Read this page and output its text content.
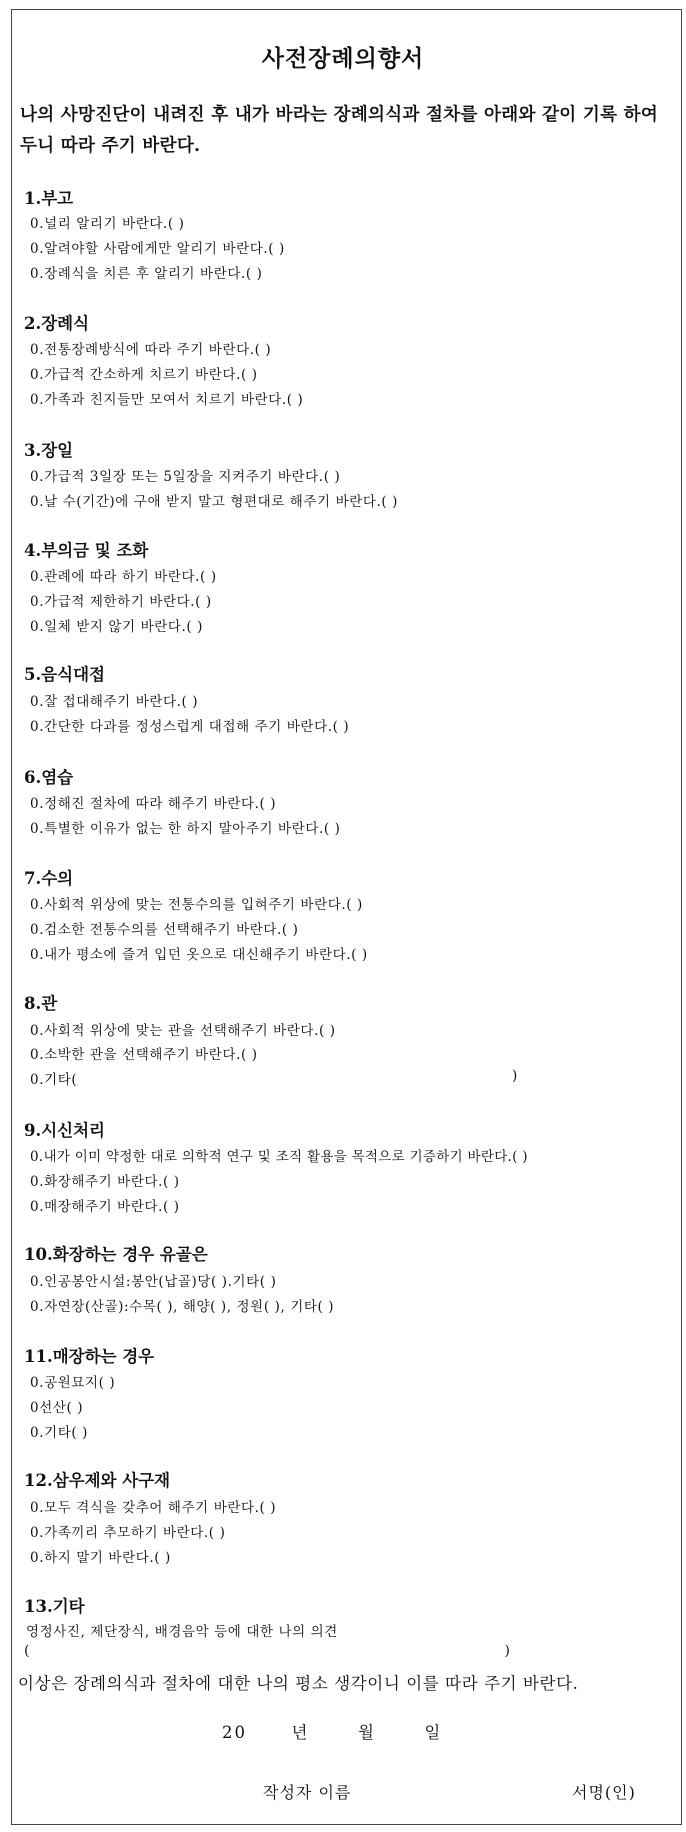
사전장례의향서
나의 사망진단이 내려진 후 내가 바라는 장례의식과 절차를 아래와 같이 기록 하여 두니 따라 주기 바란다.
1.부고
0.널리 알리기 바란다.( )
0.알려야할 사람에게만 알리기 바란다.( )
0.장례식을 치른 후 알리기 바란다.( )
2.장례식
0.전통장례방식에 따라 주기 바란다.( )
0.가급적 간소하게 치르기 바란다.( )
0.가족과 친지들만 모여서 치르기 바란다.( )
3.장일
0.가급적 3일장 또는 5일장을 지켜주기 바란다.( )
0.날 수(기간)에 구애 받지 말고 형편대로 해주기 바란다.( )
4.부의금 및 조화
0.관례에 따라 하기 바란다.( )
0.가급적 제한하기 바란다.( )
0.일체 받지 않기 바란다.( )
5.음식대접
0.잘 접대해주기 바란다.( )
0.간단한 다과를 정성스럽게 대접해 주기 바란다.( )
6.염습
0.정해진 절차에 따라 해주기 바란다.( )
0.특별한 이유가 없는 한 하지 말아주기 바란다.( )
7.수의
0.사회적 위상에 맞는 전통수의를 입혀주기 바란다.( )
0.검소한 전통수의를 선택해주기 바란다.( )
0.내가 평소에 즐겨 입던 옷으로 대신해주기 바란다.( )
8.관
0.사회적 위상에 맞는 관을 선택해주기 바란다.( )
0.소박한 관을 선택해주기 바란다.( )
0.기타(	)
9.시신처리
0.내가 이미 약정한 대로 의학적 연구 및 조직 활용을 목적으로 기증하기 바란다.( )
0.화장해주기 바란다.( )
0.매장해주기 바란다.( )
10.화장하는 경우 유골은
0.인공봉안시설:봉안(납골)당( ).기타( )
0.자연장(산골):수목( ), 해양( ), 정원( ), 기타( )
11.매장하는 경우
0.공원묘지( )
0선산( )
0.기타( )
12.삼우제와 사구재
0.모두 격식을 갖추어 해주기 바란다.( )
0.가족끼리 추모하기 바란다.( )
0.하지 말기 바란다.( )
13.기타
영정사진, 제단장식, 배경음악 등에 대한 나의 의견
(	)
이상은 장례의식과 절차에 대한 나의 평소 생각이니 이를 따라 주기 바란다.
20	년	월	일
작성자 이름	서명(인)
